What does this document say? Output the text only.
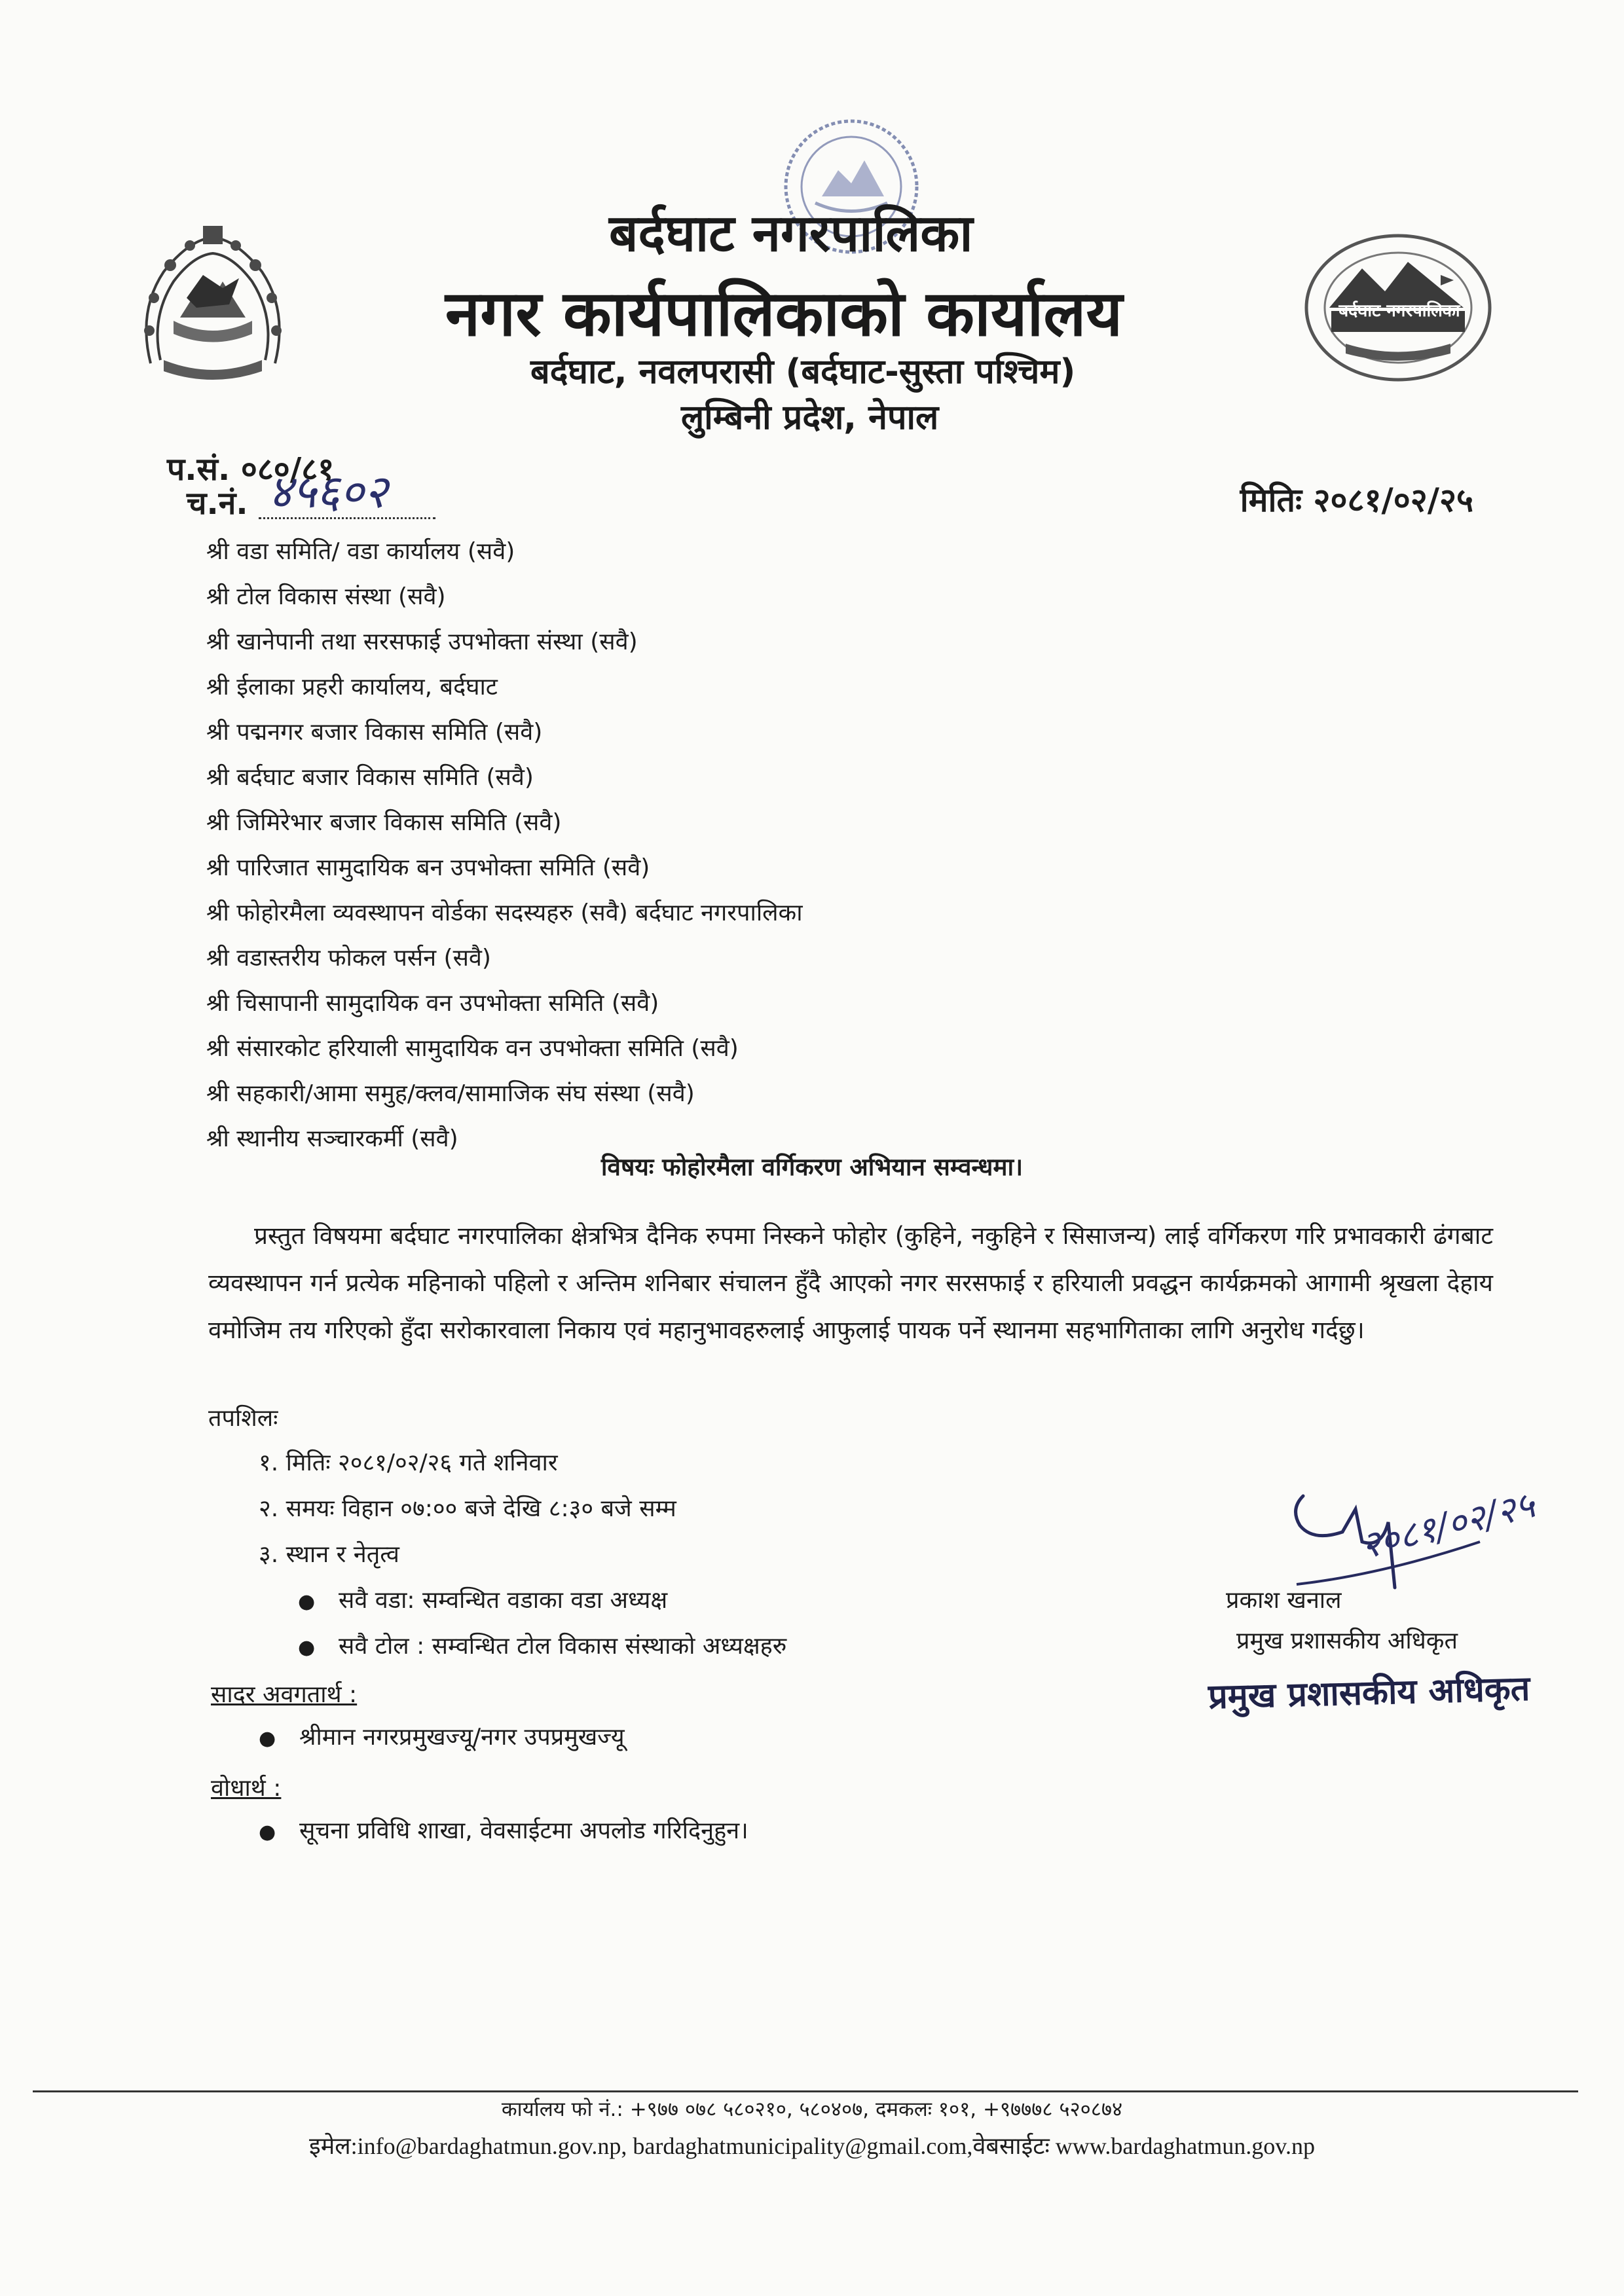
बर्दघाट नगरपालिका
बर्दघाट नगरपालिका
नगर कार्यपालिकाको कार्यालय
बर्दघाट, नवलपरासी (बर्दघाट-सुस्ता पश्चिम)
लुम्बिनी प्रदेश, नेपाल
प.सं. ०८०/८१
च.नं. ४५६०२	मितिः २०८१/०२/२५
श्री वडा समिति/ वडा कार्यालय (सवै)
श्री टोल विकास संस्था (सवै)
श्री खानेपानी तथा सरसफाई उपभोक्ता संस्था (सवै)
श्री ईलाका प्रहरी कार्यालय, बर्दघाट
श्री पद्मनगर बजार विकास समिति (सवै)
श्री बर्दघाट बजार विकास समिति (सवै)
श्री जिमिरेभार बजार विकास समिति (सवै)
श्री पारिजात सामुदायिक बन उपभोक्ता समिति (सवै)
श्री फोहोरमैला व्यवस्थापन वोर्डका सदस्यहरु (सवै) बर्दघाट नगरपालिका
श्री वडास्तरीय फोकल पर्सन (सवै)
श्री चिसापानी सामुदायिक वन उपभोक्ता समिति (सवै)
श्री संसारकोट हरियाली सामुदायिक वन उपभोक्ता समिति (सवै)
श्री सहकारी/आमा समुह/क्लव/सामाजिक संघ संस्था (सवै)
श्री स्थानीय सञ्चारकर्मी (सवै)
विषयः फोहोरमैला वर्गिकरण अभियान सम्वन्धमा।

प्रस्तुत विषयमा बर्दघाट नगरपालिका क्षेत्रभित्र दैनिक रुपमा निस्कने फोहोर (कुहिने, नकुहिने र सिसाजन्य) लाई वर्गिकरण गरि प्रभावकारी ढंगबाट व्यवस्थापन गर्न प्रत्येक महिनाको पहिलो र अन्तिम शनिबार संचालन हुँदै आएको नगर सरसफाई र हरियाली प्रवद्धन कार्यक्रमको आगामी श्रृखला देहाय वमोजिम तय गरिएको हुँदा सरोकारवाला निकाय एवं महानुभावहरुलाई आफुलाई पायक पर्ने स्थानमा सहभागिताका लागि अनुरोध गर्दछु।

तपशिलः
१. मितिः २०८१/०२/२६ गते शनिवार
२. समयः विहान ०७:०० बजे देखि ८:३० बजे सम्म
३. स्थान र नेतृत्व
● सवै वडा: सम्वन्धित वडाका वडा अध्यक्ष
● सवै टोल : सम्वन्धित टोल विकास संस्थाको अध्यक्षहरु
सादर अवगतार्थ :
● श्रीमान नगरप्रमुखज्यू/नगर उपप्रमुखज्यू
वोधार्थ :
● सूचना प्रविधि शाखा, वेवसाईटमा अपलोड गरिदिनुहुन।
२०८१/०२/२५
प्रकाश खनाल
प्रमुख प्रशासकीय अधिकृत
प्रमुख प्रशासकीय अधिकृत
कार्यालय फो नं.: +९७७ ०७८ ५८०२१०, ५८०४०७, दमकलः १०१, +९७७७८ ५२०८७४
इमेल:info@bardaghatmun.gov.np, bardaghatmunicipality@gmail.com,वेबसाईटः www.bardaghatmun.gov.np
